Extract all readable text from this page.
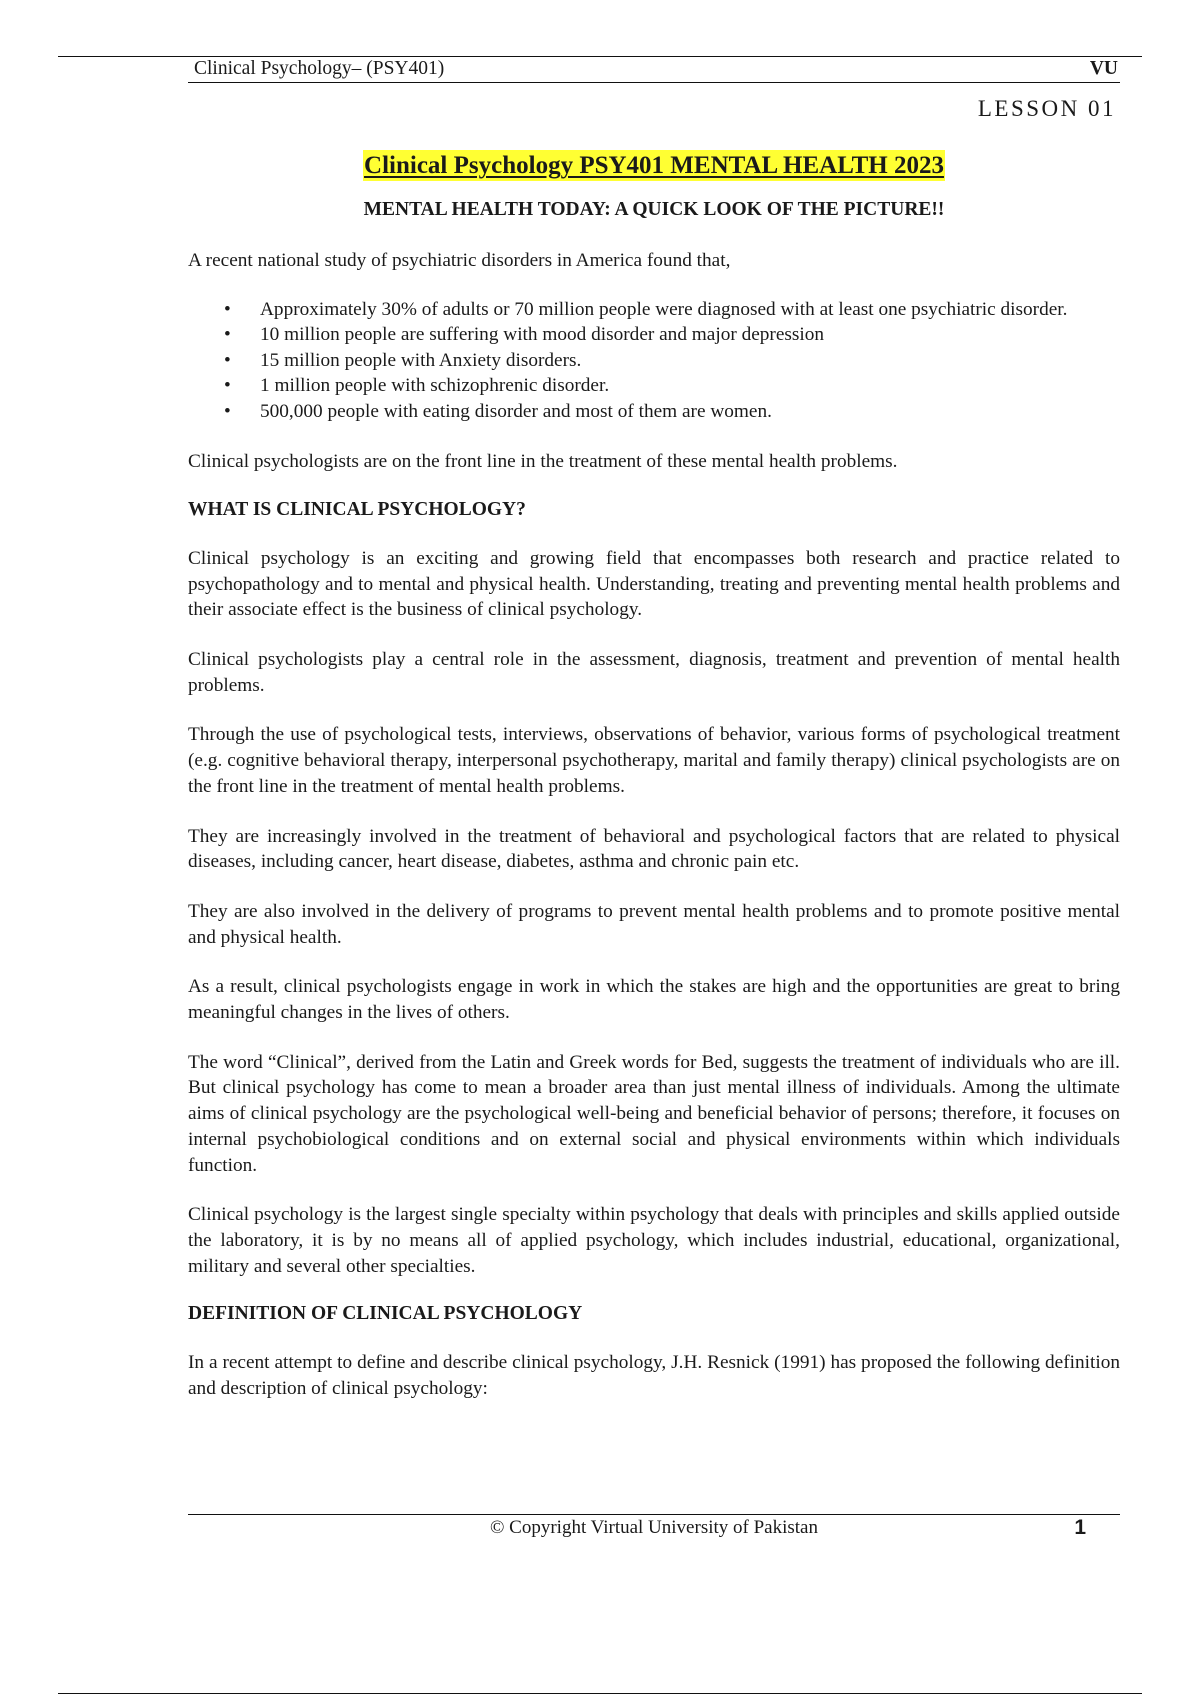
Clinical Psychology– (PSY401)	VU
LESSON 01
Clinical Psychology PSY401 MENTAL HEALTH 2023
MENTAL HEALTH TODAY: A QUICK LOOK OF THE PICTURE!!

A recent national study of psychiatric disorders in America found that,

• Approximately 30% of adults or 70 million people were diagnosed with at least one psychiatric disorder.
• 10 million people are suffering with mood disorder and major depression
• 15 million people with Anxiety disorders.
• 1 million people with schizophrenic disorder.
• 500,000 people with eating disorder and most of them are women.

Clinical psychologists are on the front line in the treatment of these mental health problems.

WHAT IS CLINICAL PSYCHOLOGY?

Clinical psychology is an exciting and growing field that encompasses both research and practice related to psychopathology and to mental and physical health. Understanding, treating and preventing mental health problems and their associate effect is the business of clinical psychology.

Clinical psychologists play a central role in the assessment, diagnosis, treatment and prevention of mental health problems.

Through the use of psychological tests, interviews, observations of behavior, various forms of psychological treatment (e.g. cognitive behavioral therapy, interpersonal psychotherapy, marital and family therapy) clinical psychologists are on the front line in the treatment of mental health problems.

They are increasingly involved in the treatment of behavioral and psychological factors that are related to physical diseases, including cancer, heart disease, diabetes, asthma and chronic pain etc.

They are also involved in the delivery of programs to prevent mental health problems and to promote positive mental and physical health.

As a result, clinical psychologists engage in work in which the stakes are high and the opportunities are great to bring meaningful changes in the lives of others.

The word “Clinical”, derived from the Latin and Greek words for Bed, suggests the treatment of individuals who are ill. But clinical psychology has come to mean a broader area than just mental illness of individuals. Among the ultimate aims of clinical psychology are the psychological well-being and beneficial behavior of persons; therefore, it focuses on internal psychobiological conditions and on external social and physical environments within which individuals function.

Clinical psychology is the largest single specialty within psychology that deals with principles and skills applied outside the laboratory, it is by no means all of applied psychology, which includes industrial, educational, organizational, military and several other specialties.

DEFINITION OF CLINICAL PSYCHOLOGY

In a recent attempt to define and describe clinical psychology, J.H. Resnick (1991) has proposed the following definition and description of clinical psychology:

© Copyright Virtual University of Pakistan	1
